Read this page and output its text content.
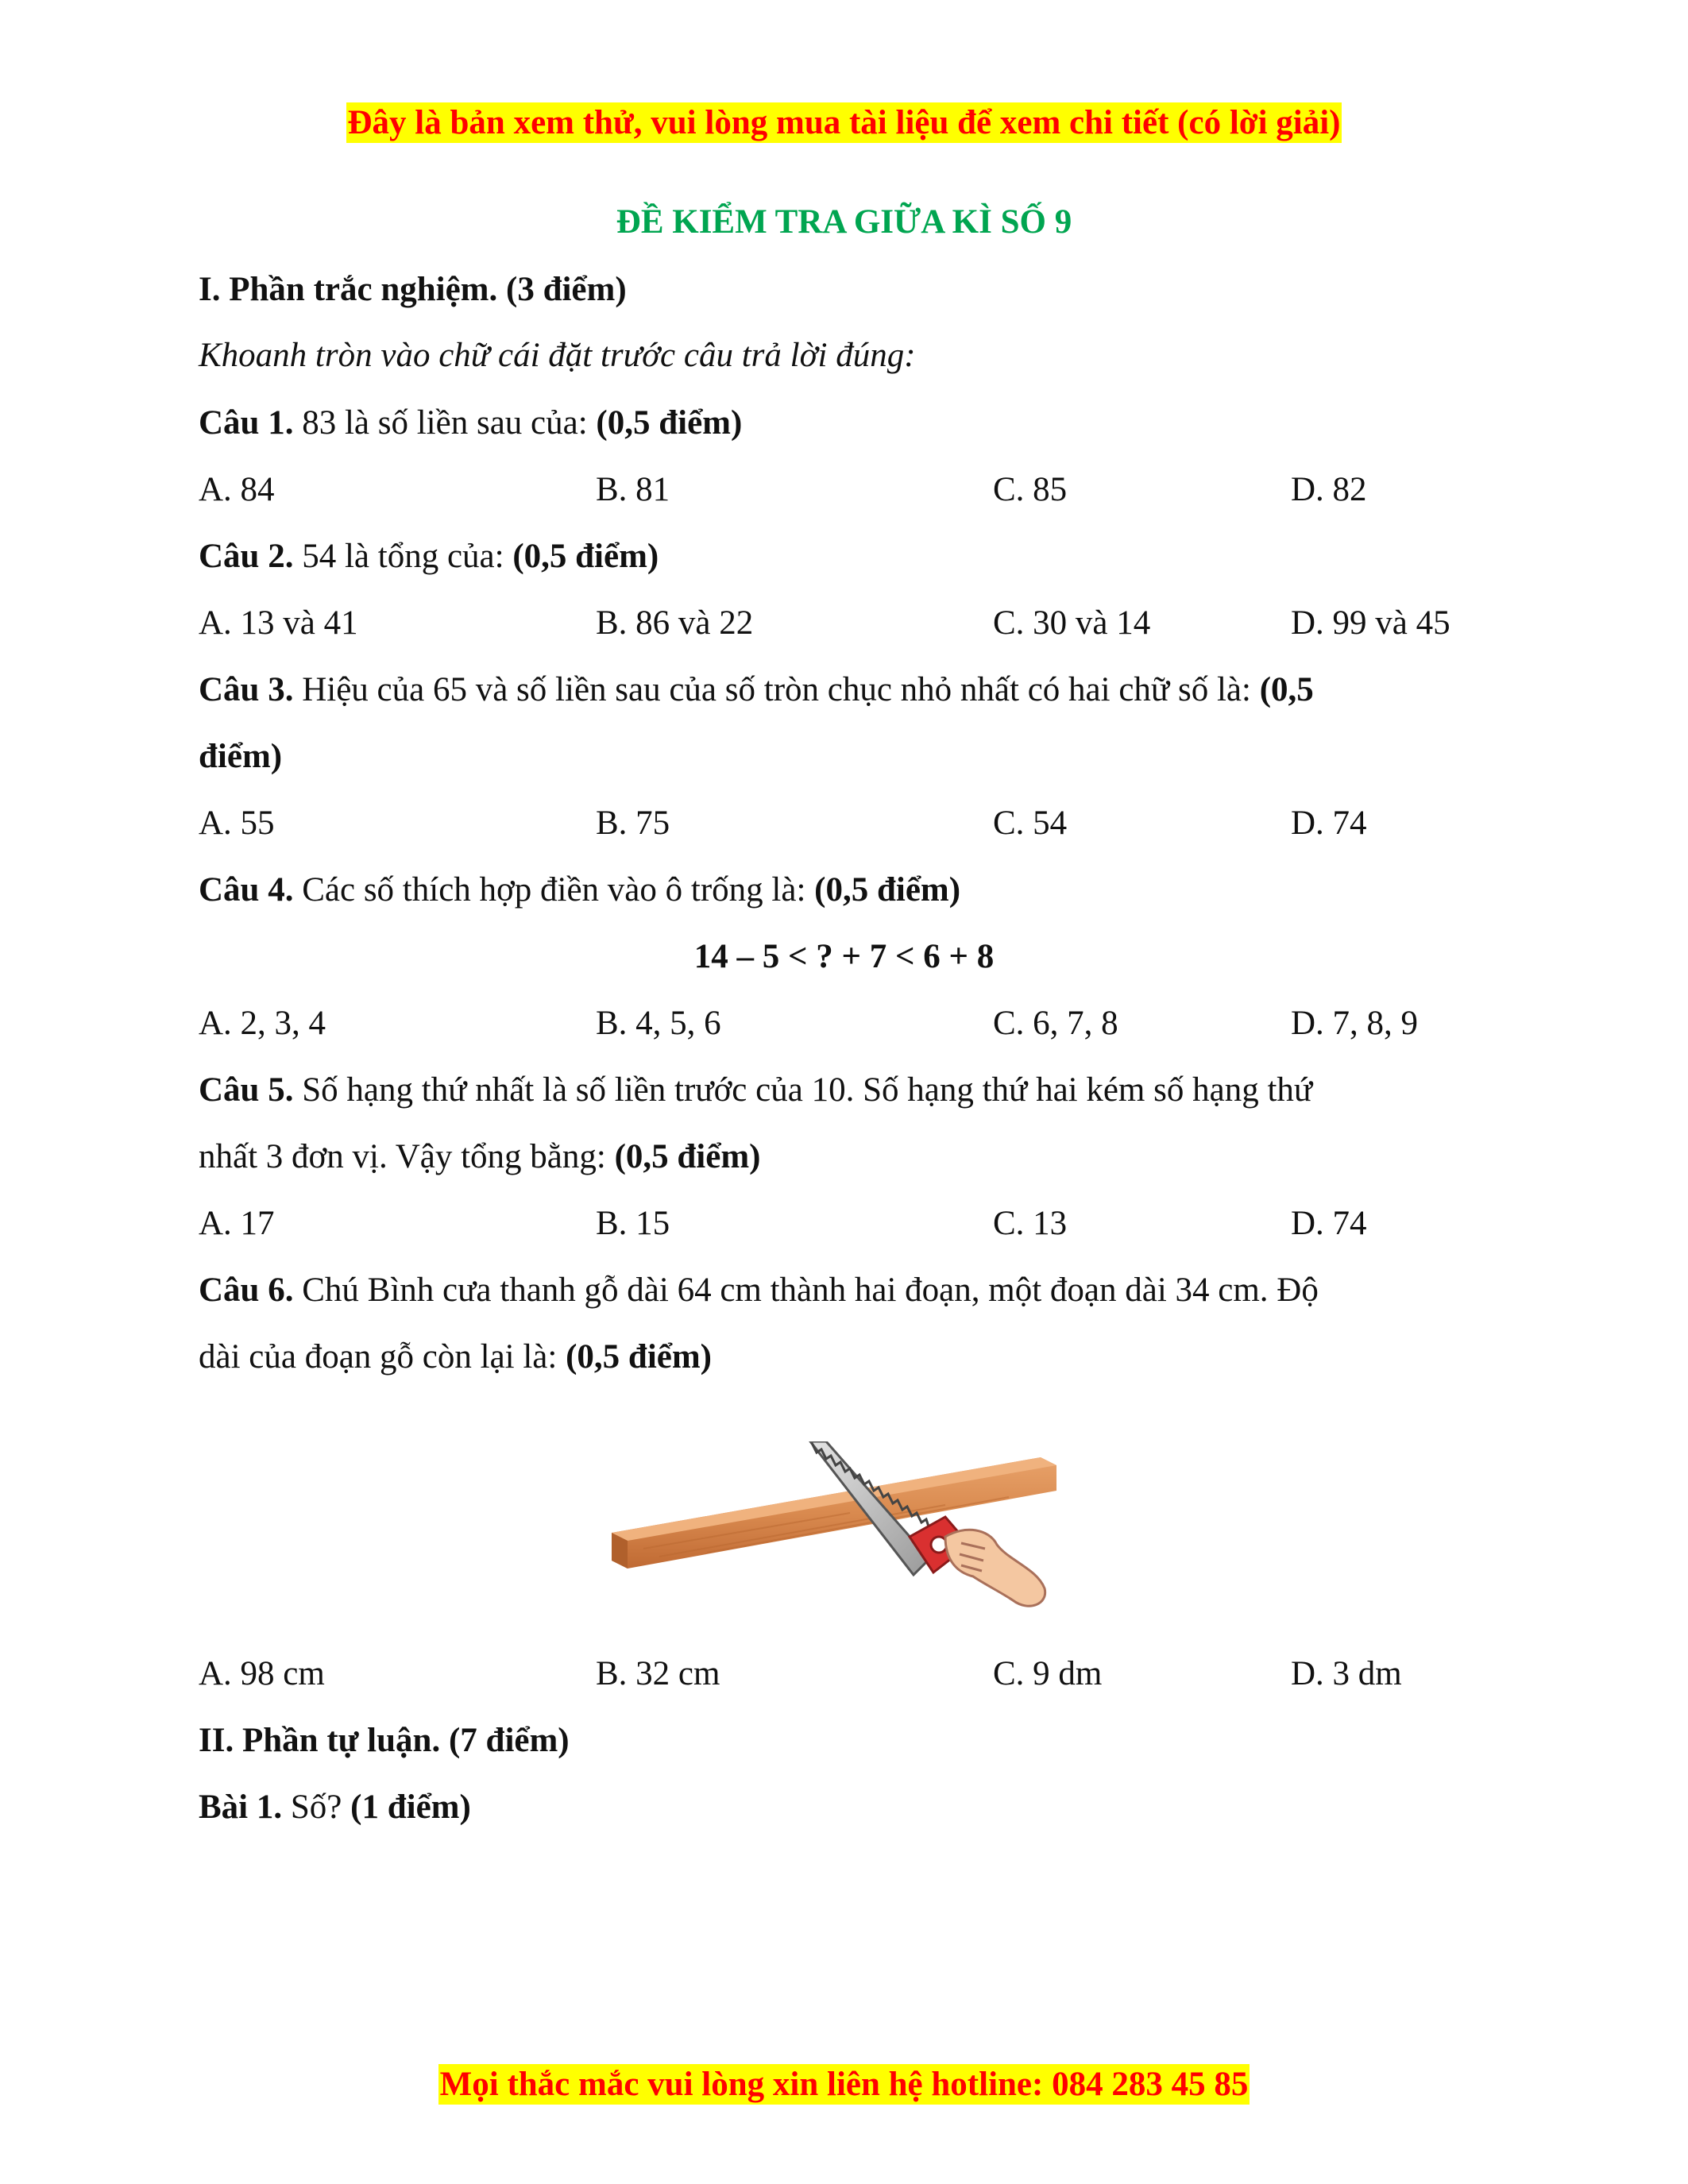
Đây là bản xem thử, vui lòng mua tài liệu để xem chi tiết (có lời giải)
ĐỀ KIỂM TRA GIỮA KÌ SỐ 9
I. Phần trắc nghiệm. (3 điểm)
Khoanh tròn vào chữ cái đặt trước câu trả lời đúng:
Câu 1. 83 là số liền sau của: (0,5 điểm)
A. 84	B. 81	C. 85	D. 82
Câu 2. 54 là tổng của: (0,5 điểm)
A. 13 và 41	B. 86 và 22	C. 30 và 14	D. 99 và 45
Câu 3. Hiệu của 65 và số liền sau của số tròn chục nhỏ nhất có hai chữ số là: (0,5
điểm)
A. 55	B. 75	C. 54	D. 74
Câu 4. Các số thích hợp điền vào ô trống là: (0,5 điểm)
14 – 5 < ? + 7 < 6 + 8
A. 2, 3, 4	B. 4, 5, 6	C. 6, 7, 8	D. 7, 8, 9
Câu 5. Số hạng thứ nhất là số liền trước của 10. Số hạng thứ hai kém số hạng thứ
nhất 3 đơn vị. Vậy tổng bằng: (0,5 điểm)
A. 17	B. 15	C. 13	D. 74
Câu 6. Chú Bình cưa thanh gỗ dài 64 cm thành hai đoạn, một đoạn dài 34 cm. Độ
dài của đoạn gỗ còn lại là: (0,5 điểm)
A. 98 cm	B. 32 cm	C. 9 dm	D. 3 dm
II. Phần tự luận. (7 điểm)
Bài 1. Số? (1 điểm)
Mọi thắc mắc vui lòng xin liên hệ hotline: 084 283 45 85
